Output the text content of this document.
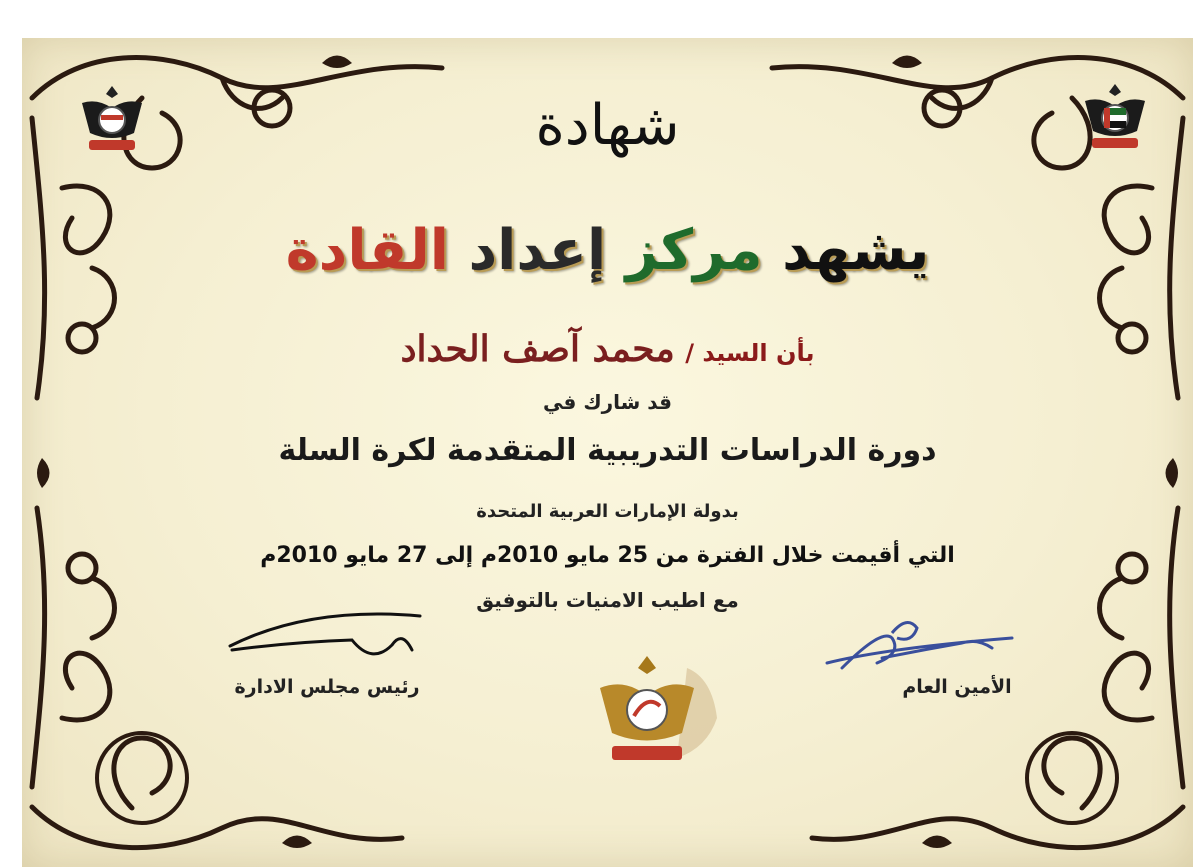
شهادة
يشهد مركز إعداد القادة
بأن السيد / محمد آصف الحداد
قد شارك في
دورة الدراسات التدريبية المتقدمة لكرة السلة
بدولة الإمارات العربية المتحدة
التي أقيمت خلال الفترة من 25 مايو 2010م إلى 27 مايو 2010م
مع اطيب الامنيات بالتوفيق
رئيس مجلس الادارة	الأمين العام
